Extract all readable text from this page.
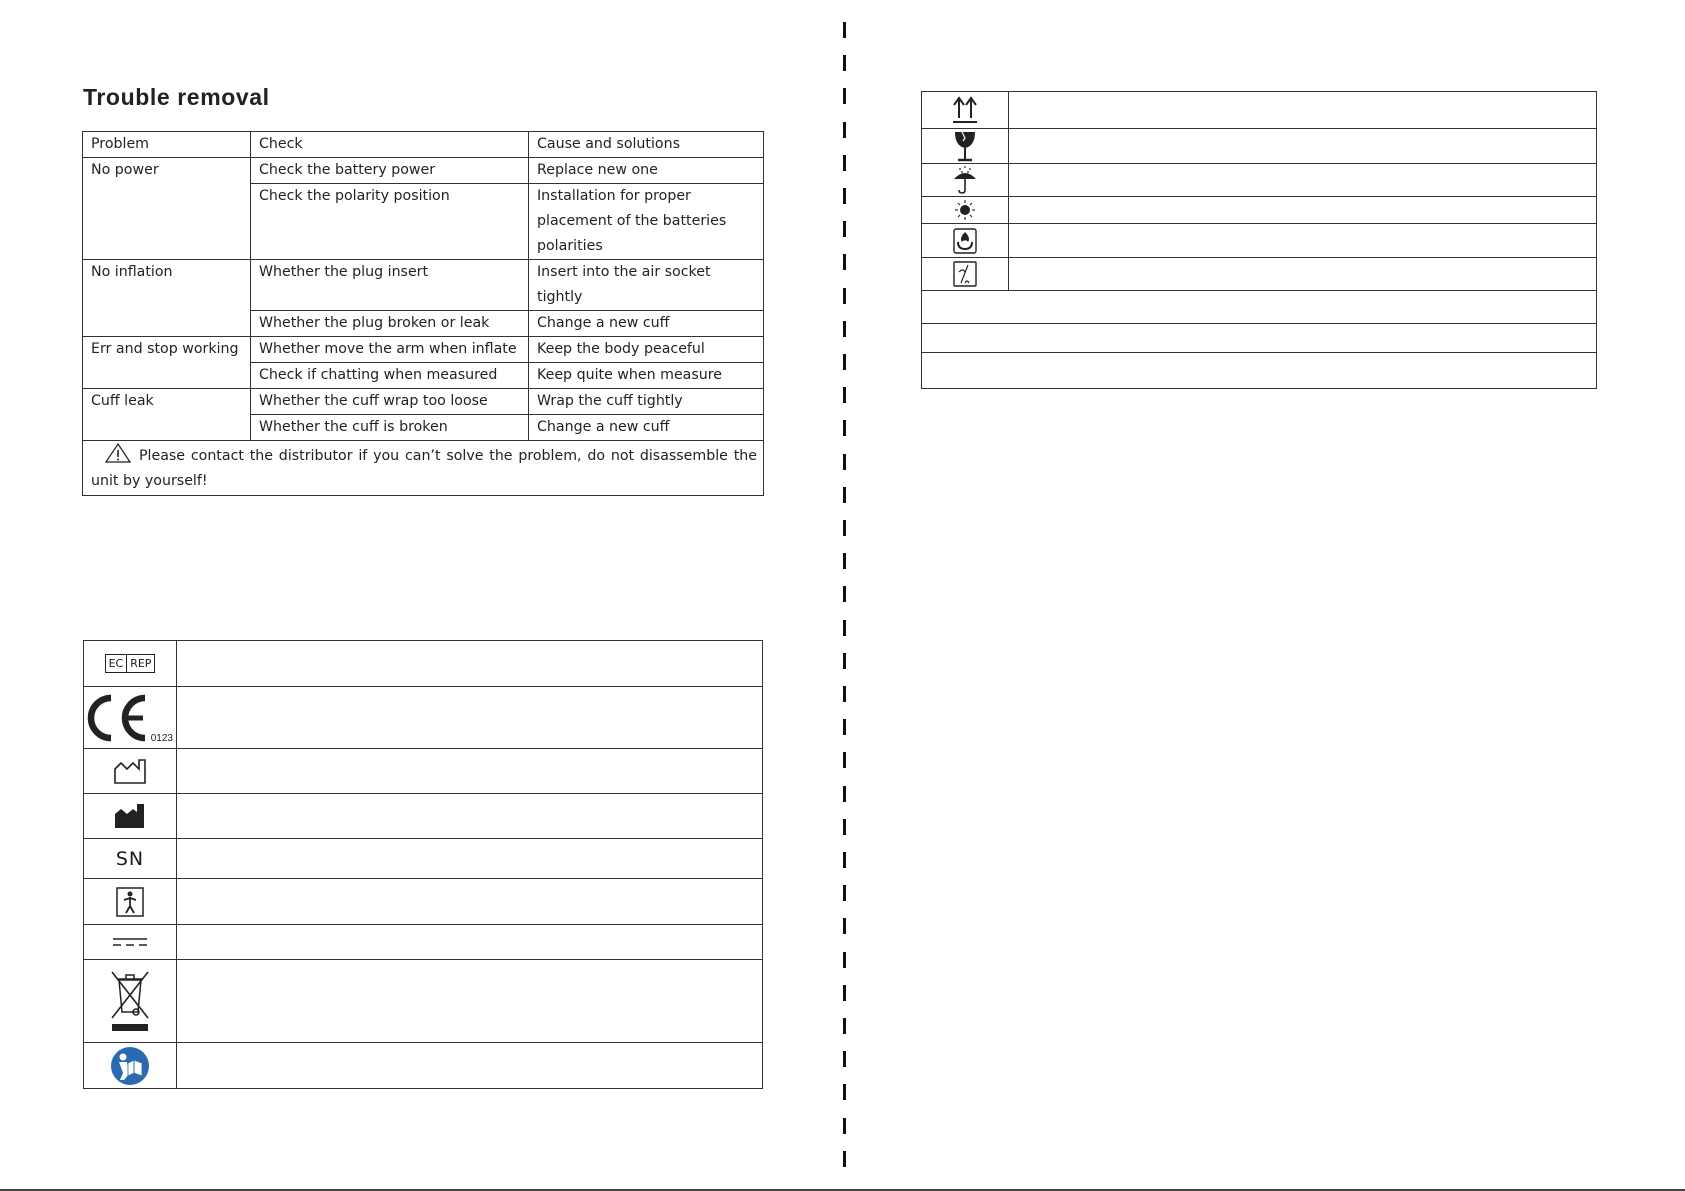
Trouble removal
Problem	Check	Cause and solutions
No power	Check the battery power	Replace new one
	Check the polarity position	Installation for proper placement of the batteries polarities
No inflation	Whether the plug insert	Insert into the air socket tightly
	Whether the plug broken or leak	Change a new cuff
Err and stop working	Whether move the arm when inflate	Keep the body peaceful
	Check if chatting when measured	Keep quite when measure
Cuff leak	Whether the cuff wrap too loose	Wrap the cuff tightly
	Whether the cuff is broken	Change a new cuff
Please contact the distributor if you can’t solve the problem, do not disassemble the unit by yourself!		
EC REP	

0123	

SN	
